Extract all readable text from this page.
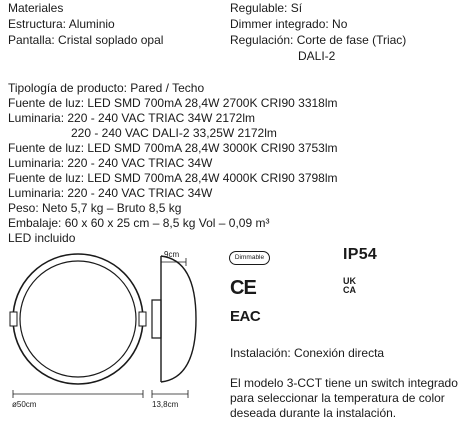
Materiales
Estructura: Aluminio
Pantalla: Cristal soplado opal
Regulable: Sí
Dimmer integrado: No
Regulación: Corte de fase (Triac)
DALI-2
Tipología de producto: Pared / Techo
Fuente de luz: LED SMD 700mA 28,4W 2700K CRI90 3318lm
Luminaria: 220 - 240 VAC TRIAC 34W 2172lm
220 - 240 VAC DALI-2 33,25W 2172lm
Fuente de luz: LED SMD 700mA 28,4W 3000K CRI90 3753lm
Luminaria: 220 - 240 VAC TRIAC 34W
Fuente de luz: LED SMD 700mA 28,4W 4000K CRI90 3798lm
Luminaria: 220 - 240 VAC TRIAC 34W
Peso: Neto 5,7 kg – Bruto 8,5 kg
Embalaje: 60 x 60 x 25 cm – 8,5 kg Vol – 0,09 m³
LED incluido
ø50cm
9cm
13,8cm
Dimmable	IP54
CE	UK
CA
EAC
Instalación: Conexión directa
El modelo 3-CCT tiene un switch integrado
para seleccionar la temperatura de color
deseada durante la instalación.
